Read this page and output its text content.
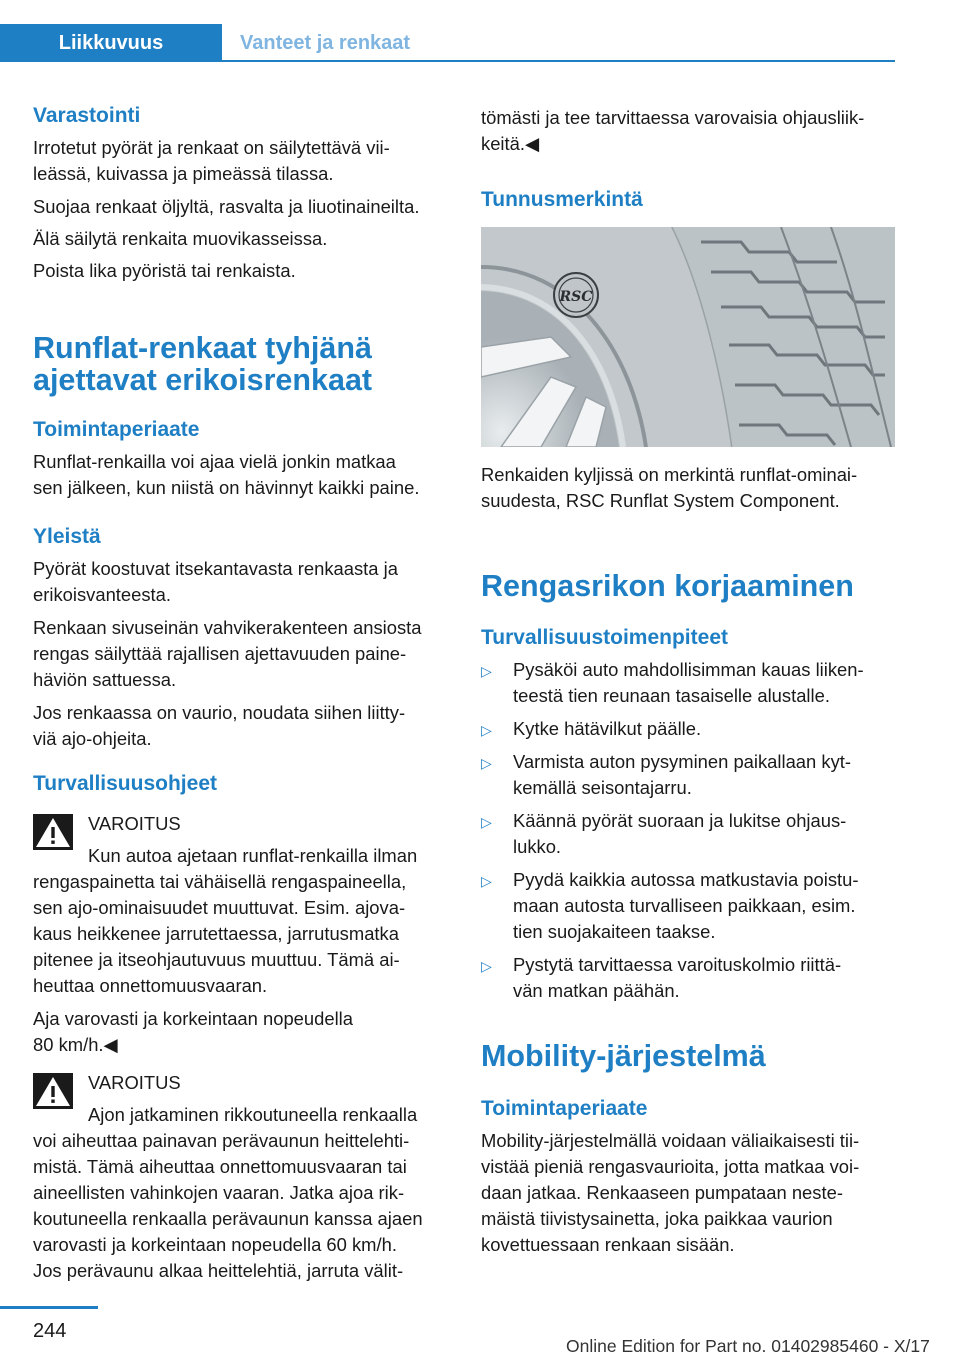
Liikkuvuus	Vanteet ja renkaat
Varastointi

Irrotetut pyörät ja renkaat on säilytettävä vii-

leässä, kuivassa ja pimeässä tilassa.

Suojaa renkaat öljyltä, rasvalta ja liuotinaineilta.

Älä säilytä renkaita muovikasseissa.

Poista lika pyöristä tai renkaista.

Runflat-renkaat tyhjänä
ajettavat erikoisrenkaat
Toimintaperiaate

Runflat-renkailla voi ajaa vielä jonkin matkaa

sen jälkeen, kun niistä on hävinnyt kaikki paine.

Yleistä

Pyörät koostuvat itsekantavasta renkaasta ja

erikoisvanteesta.

Renkaan sivuseinän vahvikerakenteen ansiosta

rengas säilyttää rajallisen ajettavuuden paine-

häviön sattuessa.

Jos renkaassa on vaurio, noudata siihen liitty-

viä ajo-ohjeita.

Turvallisuusohjeet

VAROITUS

Kun autoa ajetaan runflat-renkailla ilman

rengaspainetta tai vähäisellä rengaspaineella,

sen ajo-ominaisuudet muuttuvat. Esim. ajova-

kaus heikkenee jarrutettaessa, jarrutusmatka

pitenee ja itseohjautuvuus muuttuu. Tämä ai-

heuttaa onnettomuusvaaran.

Aja varovasti ja korkeintaan nopeudella

80 km/h.◀

VAROITUS

Ajon jatkaminen rikkoutuneella renkaalla

voi aiheuttaa painavan perävaunun heittelehti-

mistä. Tämä aiheuttaa onnettomuusvaaran tai

aineellisten vahinkojen vaaran. Jatka ajoa rik-

koutuneella renkaalla perävaunun kanssa ajaen

varovasti ja korkeintaan nopeudella 60 km/h.

Jos perävaunu alkaa heittelehtiä, jarruta välit-

tömästi ja tee tarvittaessa varovaisia ohjausliik-

keitä.◀

Tunnusmerkintä

Renkaiden kyljissä on merkintä runflat-ominai-

suudesta, RSC Runflat System Component.

Rengasrikon korjaaminen
Turvallisuustoimenpiteet
▷ Pysäköi auto mahdollisimman kauas liiken-

teestä tien reunaan tasaiselle alustalle.

▷ Kytke hätävilkut päälle.

▷ Varmista auton pysyminen paikallaan kyt-

kemällä seisontajarru.

▷ Käännä pyörät suoraan ja lukitse ohjaus-

lukko.

▷ Pyydä kaikkia autossa matkustavia poistu-

maan autosta turvalliseen paikkaan, esim.

tien suojakaiteen taakse.

▷ Pystytä tarvittaessa varoituskolmio riittä-

vän matkan päähän.

Mobility-järjestelmä
Toimintaperiaate

Mobility-järjestelmällä voidaan väliaikaisesti tii-

vistää pieniä rengasvaurioita, jotta matkaa voi-

daan jatkaa. Renkaaseen pumpataan neste-

mäistä tiivistysainetta, joka paikkaa vaurion

kovettuessaan renkaan sisään.

RSC
244
Online Edition for Part no. 01402985460 - X/17
